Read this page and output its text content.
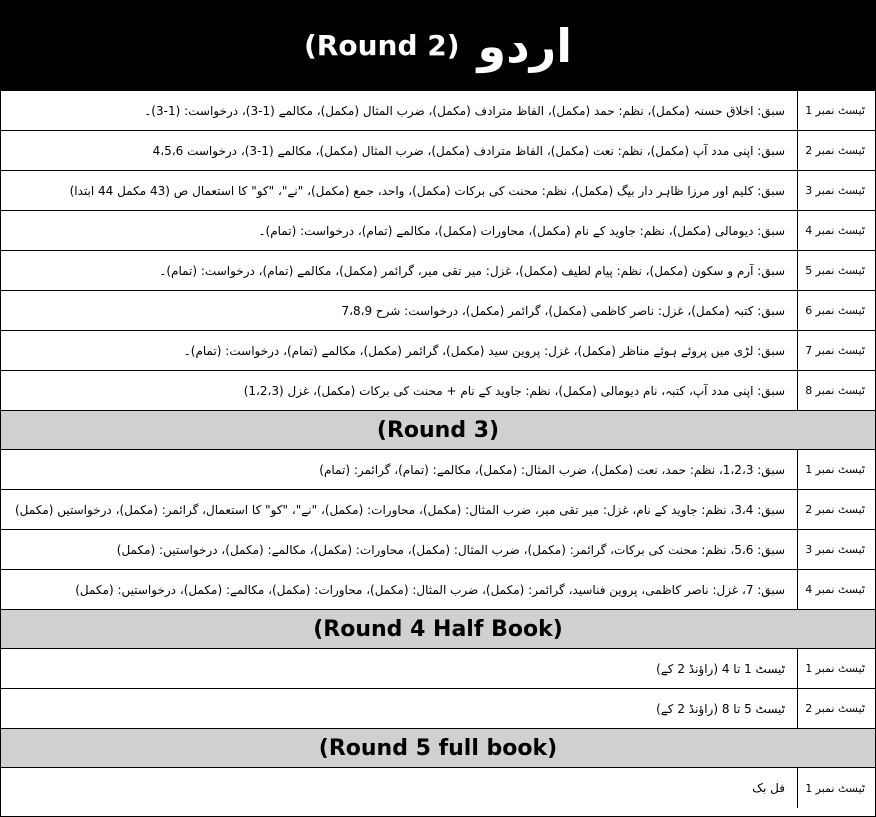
(Round 2) اردو
ٹیسٹ نمبر 1
سبق: اخلاق حسنہ (مکمل)، نظم: حمد (مکمل)، الفاظ مترادف (مکمل)، ضرب المثال (مکمل)، مکالمے (1-3)، درخواست: (1-3)۔
ٹیسٹ نمبر 2
سبق: اپنی مدد آپ (مکمل)، نظم: نعت (مکمل)، الفاظ مترادف (مکمل)، ضرب المثال (مکمل)، مکالمے (1-3)، درخواست 4،5،6
ٹیسٹ نمبر 3
سبق: کلیم اور مرزا ظاہر دار بیگ (مکمل)، نظم: محنت کی برکات (مکمل)، واحد، جمع (مکمل)، "نے"، "کو" کا استعمال ص (43 مکمل 44 ابتدا)
ٹیسٹ نمبر 4
سبق: دیومالی (مکمل)، نظم: جاوید کے نام (مکمل)، محاورات (مکمل)، مکالمے (تمام)، درخواست: (تمام)۔
ٹیسٹ نمبر 5
سبق: آرم و سکون (مکمل)، نظم: پیام لطیف (مکمل)، غزل: میر تقی میر، گرائمر (مکمل)، مکالمے (تمام)، درخواست: (تمام)۔
ٹیسٹ نمبر 6
سبق: کتبہ (مکمل)، غزل: ناصر کاظمی (مکمل)، گرائمر (مکمل)، درخواست: شرح 7،8،9
ٹیسٹ نمبر 7
سبق: لڑی میں پروئے ہوئے مناظر (مکمل)، غزل: پروین سید (مکمل)، گرائمر (مکمل)، مکالمے (تمام)، درخواست: (تمام)۔
ٹیسٹ نمبر 8
سبق: اپنی مدد آپ، کتبہ، نام دیومالی (مکمل)، نظم: جاوید کے نام + محنت کی برکات (مکمل)، غزل (1،2،3)
(Round 3)
ٹیسٹ نمبر 1
سبق: 1،2،3، نظم: حمد، نعت (مکمل)، ضرب المثال: (مکمل)، مکالمے: (تمام)، گرائمر: (تمام)
ٹیسٹ نمبر 2
سبق: 3،4، نظم: جاوید کے نام، غزل: میر تقی میر، ضرب المثال: (مکمل)، محاورات: (مکمل)، "نے"، "کو" کا استعمال، گرائمر: (مکمل)، درخواستیں (مکمل)
ٹیسٹ نمبر 3
سبق: 5،6، نظم: محنت کی برکات، گرائمر: (مکمل)، ضرب المثال: (مکمل)، محاورات: (مکمل)، مکالمے: (مکمل)، درخواستیں: (مکمل)
ٹیسٹ نمبر 4
سبق: 7، غزل: ناصر کاظمی، پروین فناسید، گرائمر: (مکمل)، ضرب المثال: (مکمل)، محاورات: (مکمل)، مکالمے: (مکمل)، درخواستیں: (مکمل)
(Round 4 Half Book)
ٹیسٹ نمبر 1
ٹیسٹ 1 تا 4 (راؤنڈ 2 کے)
ٹیسٹ نمبر 2
ٹیسٹ 5 تا 8 (راؤنڈ 2 کے)
(Round 5 full book)
ٹیسٹ نمبر 1
فل بک
